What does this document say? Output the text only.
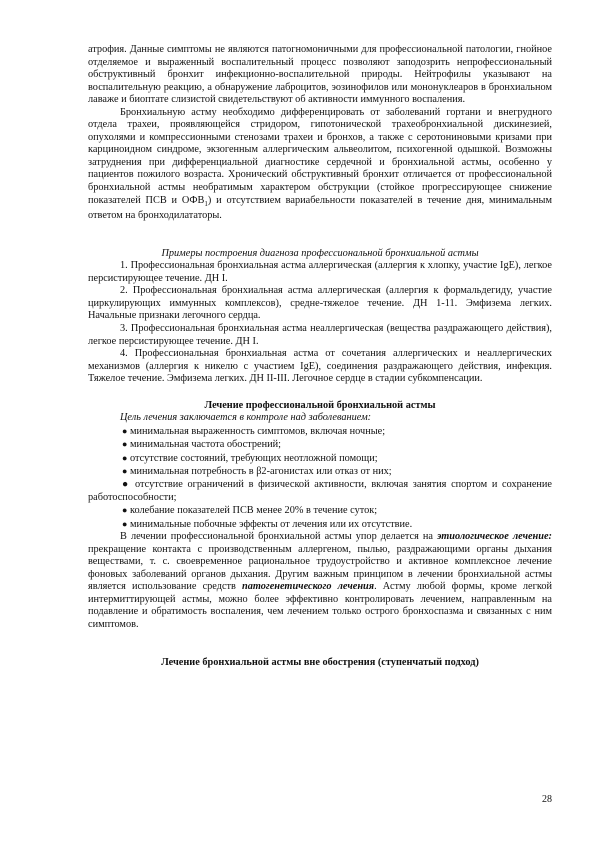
атрофия. Данные симптомы не являются патогномоничными для профессиональной патологии, гнойное отделяемое и выраженный воспалительный процесс позволяют заподозрить непрофессиональный обструктивный бронхит инфекционно-воспалительной природы. Нейтрофилы указывают на воспалительную реакцию, а обнаружение лаброцитов, эозинофилов или мононуклеаров в бронхиальном лаваже и биоптате слизистой свидетельствуют об активности иммунного воспаления.

Бронхиальную астму необходимо дифференцировать от заболеваний гортани и внегрудного отдела трахеи, проявляющейся стридором, гипотонической трахеобронхиальной дискинезией, опухолями и компрессионными стенозами трахеи и бронхов, а также с серотониновыми кризами при карциноидном синдроме, экзогенным аллергическим альвеолитом, психогенной одышкой. Возможны затруднения при дифференциальной диагностике сердечной и бронхиальной астмы, особенно у пациентов пожилого возраста. Хронический обструктивный бронхит отличается от профессиональной бронхиальной астмы необратимым характером обструкции (стойкое прогрессирующее снижение показателей ПСВ и $ОФВ_1$) и отсутствием вариабельности показателей в течение дня, минимальным ответом на бронходилататоры.

Примеры построения диагноза профессиональной бронхиальной астмы

1. Профессиональная бронхиальная астма аллергическая (аллергия к хлопку, участие IgE), легкое персистирующее течение. ДН I.

2. Профессиональная бронхиальная астма аллергическая (аллергия к формальдегиду, участие циркулирующих иммунных комплексов), средне-тяжелое течение. ДН 1-11. Эмфизема легких. Начальные признаки легочного сердца.

3. Профессиональная бронхиальная астма неаллергическая (вещества раздражающего действия), легкое персистирующее течение. ДН I.

4. Профессиональная бронхиальная астма от сочетания аллергических и неаллергических механизмов (аллергия к никелю с участием IgE), соединения раздражающего действия, инфекция. Тяжелое течение. Эмфизема легких. ДН II-III. Легочное сердце в стадии субкомпенсации.

Лечение профессиональной бронхиальной астмы

Цель лечения заключается в контроле над заболеванием:

● минимальная выраженность симптомов, включая ночные;

● минимальная частота обострений;

● отсутствие состояний, требующих неотложной помощи;

● минимальная потребность в β2-агонистах или отказ от них;

● отсутствие ограничений в физической активности, включая занятия спортом и сохранение работоспособности;

● колебание показателей ПСВ менее 20% в течение суток;

● минимальные побочные эффекты от лечения или их отсутствие.

В лечении профессиональной бронхиальной астмы упор делается на этиологическое лечение: прекращение контакта с производственным аллергеном, пылью, раздражающими органы дыхания веществами, т. с. своевременное рациональное трудоустройство и активное комплексное лечение фоновых заболеваний органов дыхания. Другим важным принципом в лечении бронхиальной астмы является использование средств патогенетического лечения. Астму любой формы, кроме легкой интермиттирующей астмы, можно более эффективно контролировать лечением, направленным на подавление и обратимость воспаления, чем лечением только острого бронхоспазма и связанных с ним симптомов.

Лечение бронхиальной астмы вне обострения (ступенчатый подход)

28
